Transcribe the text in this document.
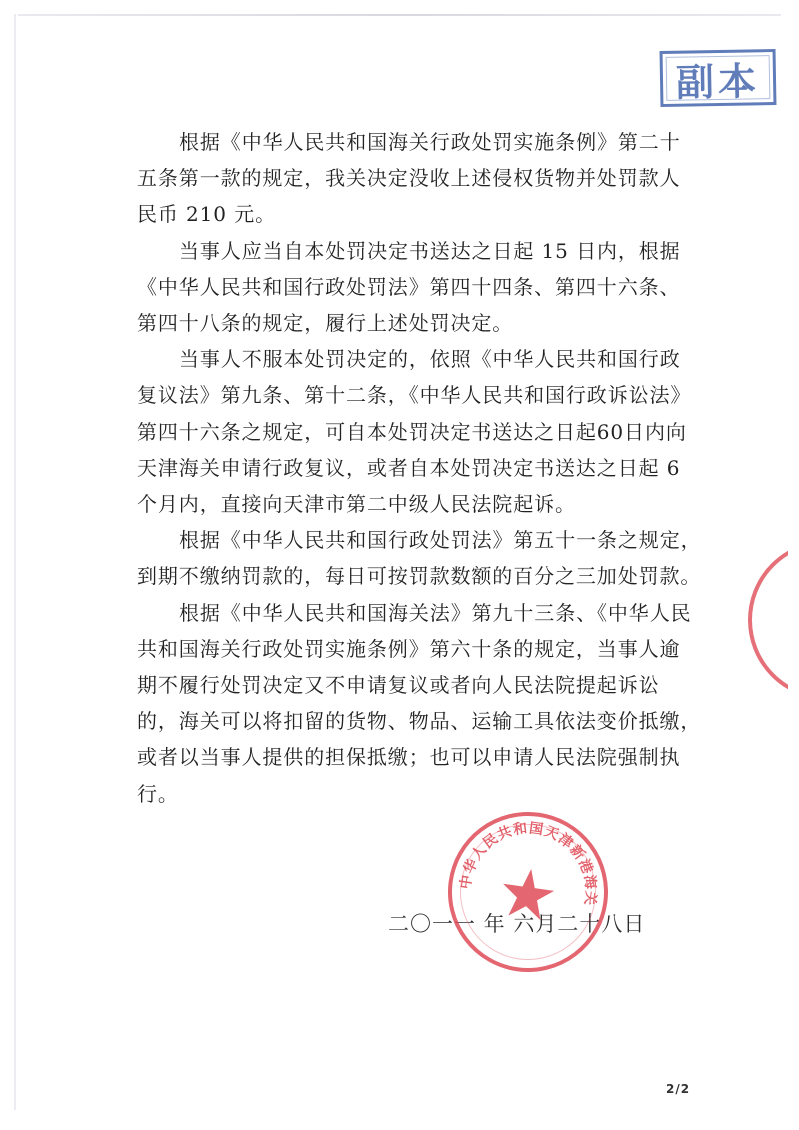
副本
根据《中华人民共和国海关行政处罚实施条例》第二十
五条第一款的规定，我关决定没收上述侵权货物并处罚款人
民币 210 元。
当事人应当自本处罚决定书送达之日起 15 日内，根据
《中华人民共和国行政处罚法》第四十四条、第四十六条、
第四十八条的规定，履行上述处罚决定。
当事人不服本处罚决定的，依照《中华人民共和国行政
复议法》第九条、第十二条，《中华人民共和国行政诉讼法》
第四十六条之规定，可自本处罚决定书送达之日起60日内向
天津海关申请行政复议，或者自本处罚决定书送达之日起 6
个月内，直接向天津市第二中级人民法院起诉。
根据《中华人民共和国行政处罚法》第五十一条之规定，
到期不缴纳罚款的，每日可按罚款数额的百分之三加处罚款。
根据《中华人民共和国海关法》第九十三条、《中华人民
共和国海关行政处罚实施条例》第六十条的规定，当事人逾
期不履行处罚决定又不申请复议或者向人民法院提起诉讼
的，海关可以将扣留的货物、物品、运输工具依法变价抵缴，
或者以当事人提供的担保抵缴；也可以申请人民法院强制执
行。
二〇一一 年 六月二十八日
中华人民共和国天津新港海关
2/2
